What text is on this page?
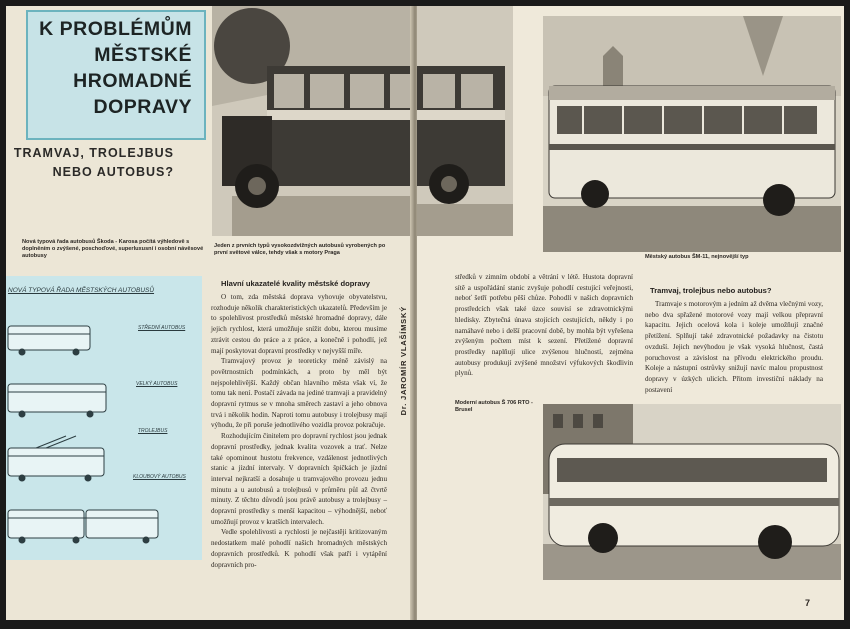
K PROBLÉMŮM
MĚSTSKÉ
HROMADNÉ
DOPRAVY
TRAMVAJ, TROLEJBUS
NEBO AUTOBUS?
Nová typová řada autobusů Škoda - Karosa počítá výhledově s doplněním o zvýšené, poschoďové, superluxusní i osobní návěsové autobusy
Jeden z prvních typů vysokozdvižných autobusů vyrobených po první světové válce, tehdy však s motory Praga
NOVÁ TYPOVÁ ŘADA MĚSTSKÝCH AUTOBUSŮ
STŘEDNÍ AUTOBUS
VELKÝ AUTOBUS
TROLEJBUS
KLOUBOVÝ AUTOBUS
Hlavní ukazatelé kvality městské dopravy

O tom, zda městská doprava vyhovuje obyvatelstvu, rozhoduje několik charakteristických ukazatelů. Především je to spolehlivost prostředků městské hromadné dopravy, dále jejich rychlost, která umožňuje snížit dobu, kterou musíme ztrávit cestou do práce a z práce, a konečně i pohodlí, jež mají poskytovat dopravní prostředky v nejvyšší míře.

Tramvajový provoz je teoreticky méně závislý na povětrnostních podmínkách, a proto by měl být nejspolehlivější. Každý občan hlavního města však ví, že tomu tak není. Postačí závada na jediné tramvaji a pravidelný dopravní rytmus se v mnoha směrech zastaví a jeho obnova trvá i několik hodin. Naproti tomu autobusy i trolejbusy mají výhodu, že při poruše jednotlivého vozidla provoz pokračuje.

Rozhodujícím činitelem pro dopravní rychlost jsou jednak dopravní prostředky, jednak kvalita vozovek a trať. Nelze také opominout hustotu frekvence, vzdálenost jednotlivých stanic a jízdní intervaly. V dopravních špičkách je jízdní interval nejkratší a dosahuje u tramvajového provozu jednu minutu a u autobusů a trolejbusů v průměru půl až čtvrtě minuty. Z těchto důvodů jsou právě autobusy a trolejbusy – dopravní prostředky s menší kapacitou – výhodnější, neboť umožňují provoz v kratších intervalech.

Vedle spolehlivosti a rychlosti je nejčastěji kritizovaným nedostatkem malé pohodlí našich hromadných městských dopravních prostředků. K pohodlí však patří i vytápění dopravních pro-

Dr. JAROMÍR VLAŠÍMSKÝ
Městský autobus ŠM-11, nejnovější typ

středků v zimním období a větrání v létě. Hustota dopravní sítě a uspořádání stanic zvyšuje pohodlí cestující veřejnosti, neboť šetří potřebu pěší chůze. Pohodlí v našich dopravních prostředcích však také úzce souvisí se zdravotnickými hledisky. Zbytečná únava stojících cestujících, někdy i po namáhavé nebo i delší pracovní době, by mohla být vyřešena zvýšeným počtem míst k sezení. Přetížené dopravní prostředky naplňují ulice zvýšenou hlučností, zejména autobusy produkují zvýšené množství výfukových škodlivin plynů.

Tramvaj, trolejbus nebo autobus?

Tramvaje s motorovým a jedním až dvěma vlečnými vozy, nebo dva spřažené motorové vozy mají velkou přepravní kapacitu. Jejich ocelová kola i koleje umožňují značné přetížení. Splňují také zdravotnické požadavky na čistotu ovzduší. Jejich nevýhodou je však vysoká hlučnost, častá poruchovost a závislost na přívodu elektrického proudu. Koleje a nástupní ostrůvky snižují navíc malou propustnost dopravy v úzkých ulicích. Přitom investiční náklady na postavení

Moderní autobus Š 706 RTO - Brusel
7
